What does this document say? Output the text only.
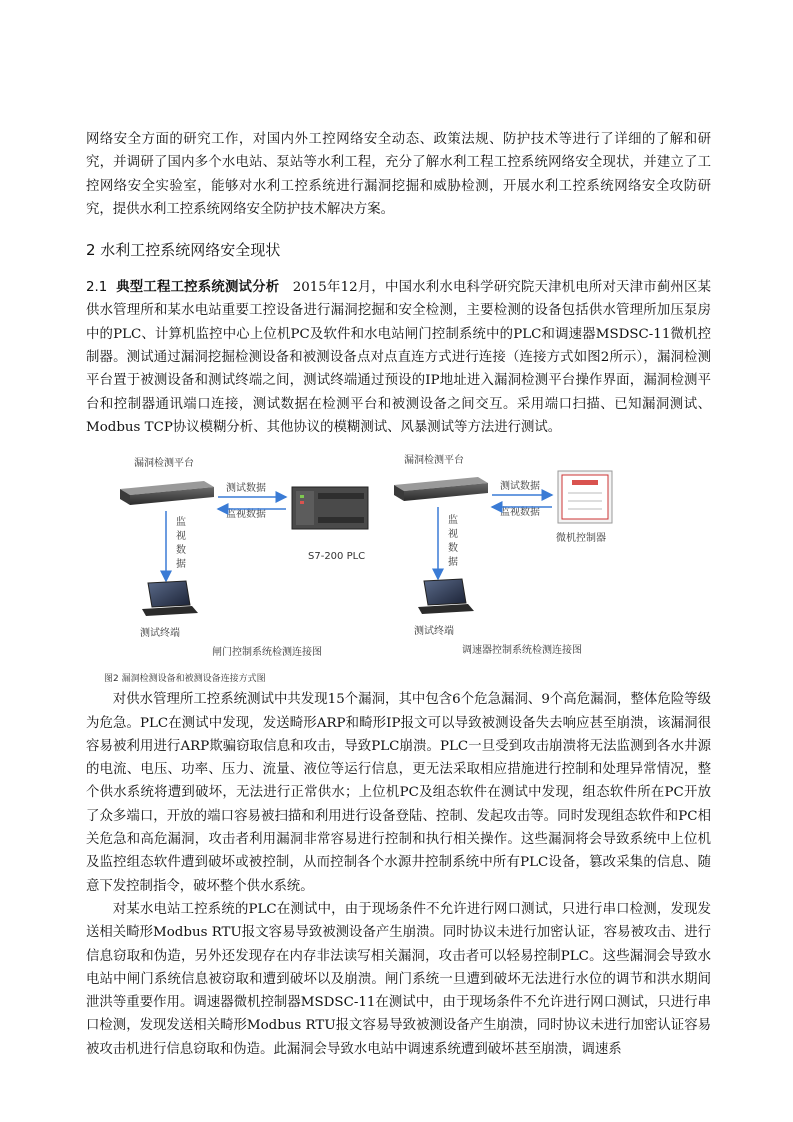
网络安全方面的研究工作，对国内外工控网络安全动态、政策法规、防护技术等进行了详细的了解和研究，并调研了国内多个水电站、泵站等水利工程，充分了解水利工程工控系统网络安全现状，并建立了工控网络安全实验室，能够对水利工控系统进行漏洞挖掘和威胁检测，开展水利工控系统网络安全攻防研究，提供水利工控系统网络安全防护技术解决方案。

2 水利工控系统网络安全现状

2.1 典型工程工控系统测试分析 2015年12月，中国水利水电科学研究院天津机电所对天津市蓟州区某供水管理所和某水电站重要工控设备进行漏洞挖掘和安全检测，主要检测的设备包括供水管理所加压泵房中的PLC、计算机监控中心上位机PC及软件和水电站闸门控制系统中的PLC和调速器MSDSC-11微机控制器。测试通过漏洞挖掘检测设备和被测设备点对点直连方式进行连接（连接方式如图2所示），漏洞检测平台置于被测设备和测试终端之间，测试终端通过预设的IP地址进入漏洞检测平台操作界面，漏洞检测平台和控制器通讯端口连接，测试数据在检测平台和被测设备之间交互。采用端口扫描、已知漏洞测试、Modbus TCP协议模糊分析、其他协议的模糊测试、风暴测试等方法进行测试。

漏洞检测平台
测试数据
监视数据
S7-200 PLC
监
视
数
据
测试终端
闸门控制系统检测连接图
漏洞检测平台
测试数据
监视数据
微机控制器
监
视
数
据
测试终端
调速器控制系统检测连接图
图2 漏洞检测设备和被测设备连接方式图

对供水管理所工控系统测试中共发现15个漏洞，其中包含6个危急漏洞、9个高危漏洞，整体危险等级为危急。PLC在测试中发现，发送畸形ARP和畸形IP报文可以导致被测设备失去响应甚至崩溃，该漏洞很容易被利用进行ARP欺骗窃取信息和攻击，导致PLC崩溃。PLC一旦受到攻击崩溃将无法监测到各水井源的电流、电压、功率、压力、流量、液位等运行信息，更无法采取相应措施进行控制和处理异常情况，整个供水系统将遭到破坏，无法进行正常供水；上位机PC及组态软件在测试中发现，组态软件所在PC开放了众多端口，开放的端口容易被扫描和利用进行设备登陆、控制、发起攻击等。同时发现组态软件和PC相关危急和高危漏洞，攻击者利用漏洞非常容易进行控制和执行相关操作。这些漏洞将会导致系统中上位机及监控组态软件遭到破坏或被控制，从而控制各个水源井控制系统中所有PLC设备，篡改采集的信息、随意下发控制指令，破坏整个供水系统。

对某水电站工控系统的PLC在测试中，由于现场条件不允许进行网口测试，只进行串口检测，发现发送相关畸形Modbus RTU报文容易导致被测设备产生崩溃。同时协议未进行加密认证，容易被攻击、进行信息窃取和伪造，另外还发现存在内存非法读写相关漏洞，攻击者可以轻易控制PLC。这些漏洞会导致水电站中闸门系统信息被窃取和遭到破坏以及崩溃。闸门系统一旦遭到破坏无法进行水位的调节和洪水期间泄洪等重要作用。调速器微机控制器MSDSC-11在测试中，由于现场条件不允许进行网口测试，只进行串口检测，发现发送相关畸形Modbus RTU报文容易导致被测设备产生崩溃，同时协议未进行加密认证容易被攻击机进行信息窃取和伪造。此漏洞会导致水电站中调速系统遭到破坏甚至崩溃，调速系
